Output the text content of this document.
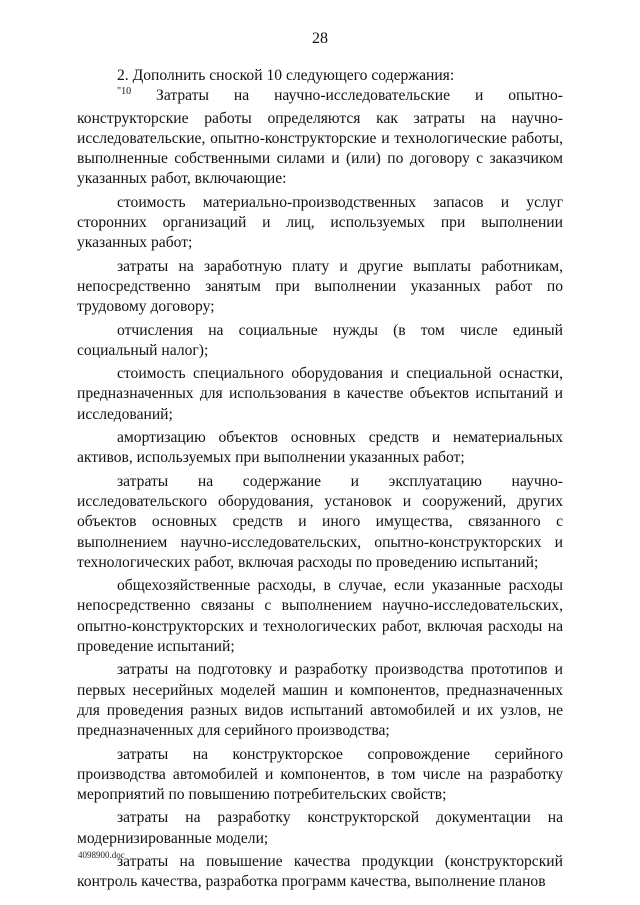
28

2. Дополнить сноской 10 следующего содержания:

$^{"10}$ Затраты на научно-исследовательские и опытно-конструкторские работы определяются как затраты на научно-исследовательские, опытно-конструкторские и технологические работы, выполненные собственными силами и (или) по договору с заказчиком указанных работ, включающие:

стоимость материально-производственных запасов и услуг сторонних организаций и лиц, используемых при выполнении указанных работ;

затраты на заработную плату и другие выплаты работникам, непосредственно занятым при выполнении указанных работ по трудовому договору;

отчисления на социальные нужды (в том числе единый социальный налог);

стоимость специального оборудования и специальной оснастки, предназначенных для использования в качестве объектов испытаний и исследований;

амортизацию объектов основных средств и нематериальных активов, используемых при выполнении указанных работ;

затраты на содержание и эксплуатацию научно-исследовательского оборудования, установок и сооружений, других объектов основных средств и иного имущества, связанного с выполнением научно-исследовательских, опытно-конструкторских и технологических работ, включая расходы по проведению испытаний;

общехозяйственные расходы, в случае, если указанные расходы непосредственно связаны с выполнением научно-исследовательских, опытно-конструкторских и технологических работ, включая расходы на проведение испытаний;

затраты на подготовку и разработку производства прототипов и первых несерийных моделей машин и компонентов, предназначенных для проведения разных видов испытаний автомобилей и их узлов, не предназначенных для серийного производства;

затраты на конструкторское сопровождение серийного производства автомобилей и компонентов, в том числе на разработку мероприятий по повышению потребительских свойств;

затраты на разработку конструкторской документации на модернизированные модели;

затраты на повышение качества продукции (конструкторский контроль качества, разработка программ качества, выполнение планов

4098900.doc
